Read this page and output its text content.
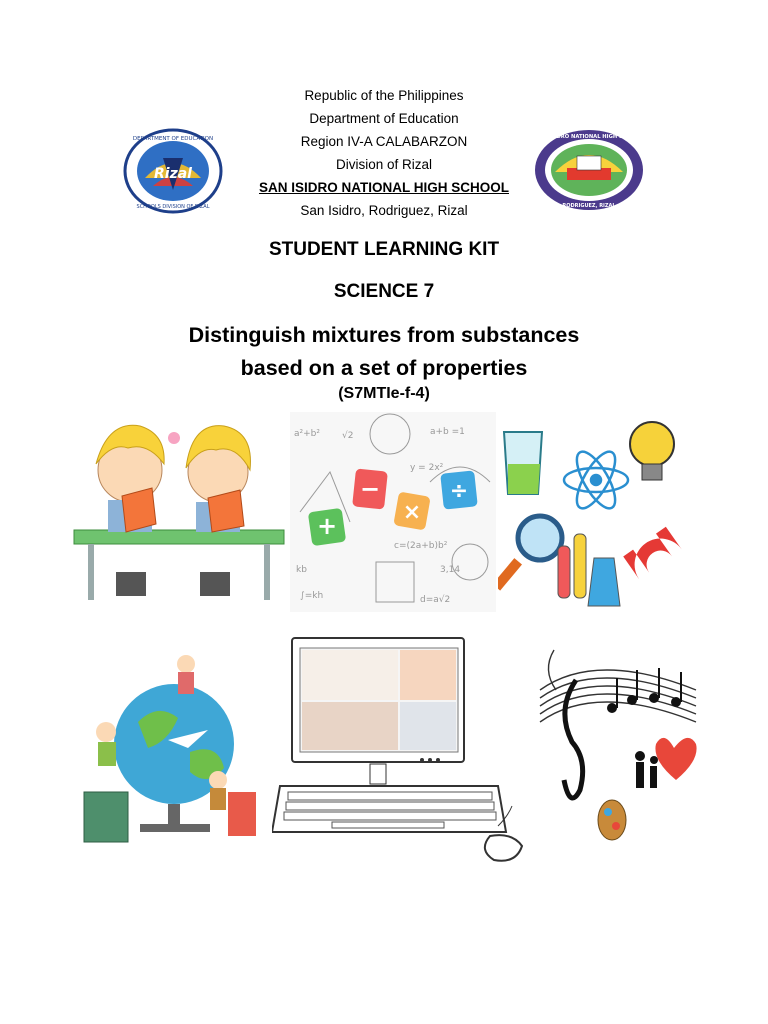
Rizal
DEPARTMENT OF EDUCATION
SCHOOLS DIVISION OF RIZAL
SAN ISIDRO NATIONAL HIGH SCHOOL
RODRIGUEZ, RIZAL
Republic of the Philippines
Department of Education
Region IV-A CALABARZON
Division of Rizal
SAN ISIDRO NATIONAL HIGH SCHOOL
San Isidro, Rodriguez, Rizal
STUDENT LEARNING KIT
SCIENCE 7
Distinguish mixtures from substances
based on a set of properties
(S7MTIe-f-4)
a²+b² √2	a+b =1
y = 2x²
kb
∫=kh
c=(2a+b)b²
3,14
d=a√2
+
−
×
÷
